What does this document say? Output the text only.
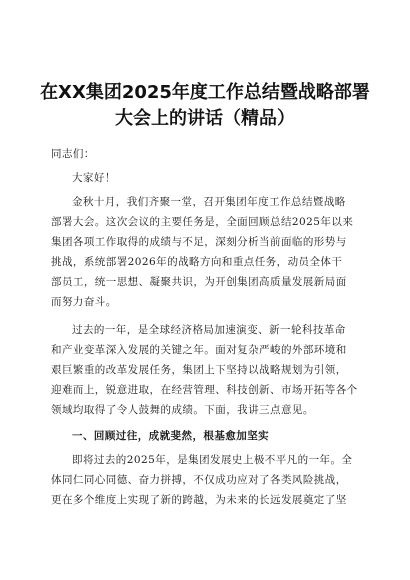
在XX集团2025年度工作总结暨战略部署
大会上的讲话（精品）
同志们：
大家好！
金秋十月，我们齐聚一堂，召开集团年度工作总结暨战略
部署大会。这次会议的主要任务是，全面回顾总结2025年以来
集团各项工作取得的成绩与不足，深刻分析当前面临的形势与
挑战，系统部署2026年的战略方向和重点任务，动员全体干
部员工，统一思想、凝聚共识，为开创集团高质量发展新局面
而努力奋斗。
过去的一年，是全球经济格局加速演变、新一轮科技革命
和产业变革深入发展的关键之年。面对复杂严峻的外部环境和
艰巨繁重的改革发展任务，集团上下坚持以战略规划为引领，
迎难而上，锐意进取，在经营管理、科技创新、市场开拓等各个
领域均取得了令人鼓舞的成绩。下面，我讲三点意见。
一、回顾过往，成就斐然，根基愈加坚实
即将过去的2025年，是集团发展史上极不平凡的一年。全
体同仁同心同德、奋力拼搏，不仅成功应对了各类风险挑战，
更在多个维度上实现了新的跨越，为未来的长远发展奠定了坚
